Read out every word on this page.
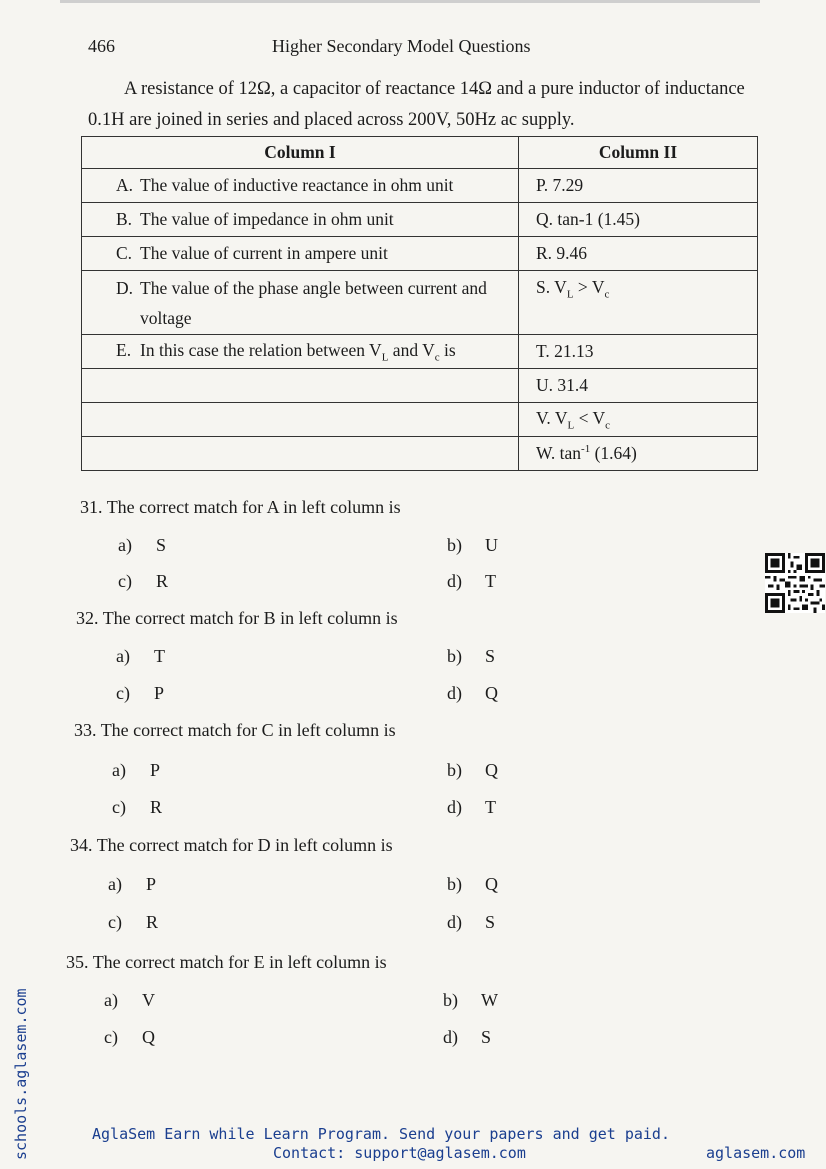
466	Higher Secondary Model Questions
A resistance of 12Ω, a capacitor of reactance 14Ω and a pure inductor of inductance 0.1H are joined in series and placed across 200V, 50Hz ac supply.
Column I	Column II
A. The value of inductive reactance in ohm unit	P. 7.29
B. The value of impedance in ohm unit	Q. tan-1 (1.45)
C. The value of current in ampere unit	R. 9.46

D. The value of the phase angle between current and voltage	S. $V_L > V_c$
E. In this case the relation between $V_L$ and $V_c$ is	T. 21.13
	U. 31.4
	V. $V_L < V_c$
	W. $\tan^{-1} (1.64)$
31. The correct match for A in left column is
a) S	b) U
c) R	d) T
32. The correct match for B in left column is
a) T	b) S
c) P	d) Q
33. The correct match for C in left column is
a) P	b) Q
c) R	d) T
34. The correct match for D in left column is
a) P	b) Q
c) R	d) S
35. The correct match for E in left column is
a) V	b) W
c) Q	d) S
schools.aglasem.com	AglaSem Earn while Learn Program. Send your papers and get paid.
Contact: support@aglasem.com	aglasem.com
